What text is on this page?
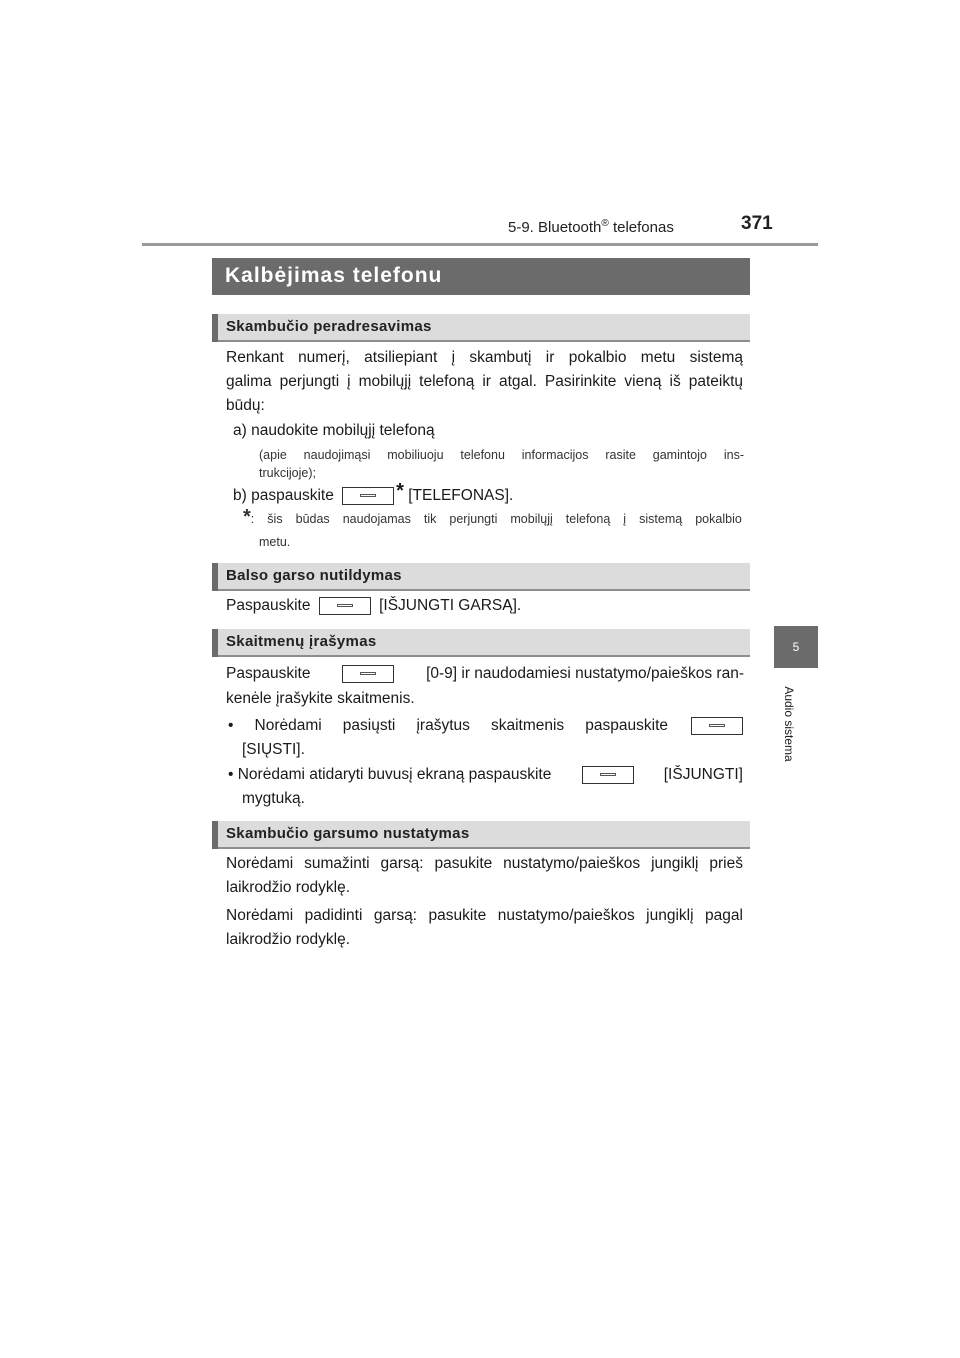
5-9. Bluetooth® telefonas	371
5
Audio sistema
Kalbėjimas telefonu
Skambučio peradresavimas
Renkant numerį, atsiliepiant į skambutį ir pokalbio metu sistemą
galima perjungti į mobilųjį telefoną ir atgal. Pasirinkite vieną iš pateiktų
būdų:
a) naudokite mobilųjį telefoną
(apie naudojimąsi mobiliuoju telefonu informacijos rasite gamintojo ins-
trukcijoje);
b) paspauskite	* [TELEFONAS].
*: šis būdas naudojamas tik perjungti mobilųjį telefoną į sistemą pokalbio
metu.
Balso garso nutildymas
Paspauskite	[IŠJUNGTI GARSĄ].
Skaitmenų įrašymas
Paspauskite	[0-9] ir naudodamiesi nustatymo/paieškos ran-
kenėle įrašykite skaitmenis.
• Norėdami pasiųsti įrašytus skaitmenis paspauskite
[SIŲSTI].
• Norėdami atidaryti buvusį ekraną paspauskite	[IŠJUNGTI]
mygtuką.
Skambučio garsumo nustatymas
Norėdami sumažinti garsą: pasukite nustatymo/paieškos jungiklį prieš
laikrodžio rodyklę.
Norėdami padidinti garsą: pasukite nustatymo/paieškos jungiklį pagal
laikrodžio rodyklę.
